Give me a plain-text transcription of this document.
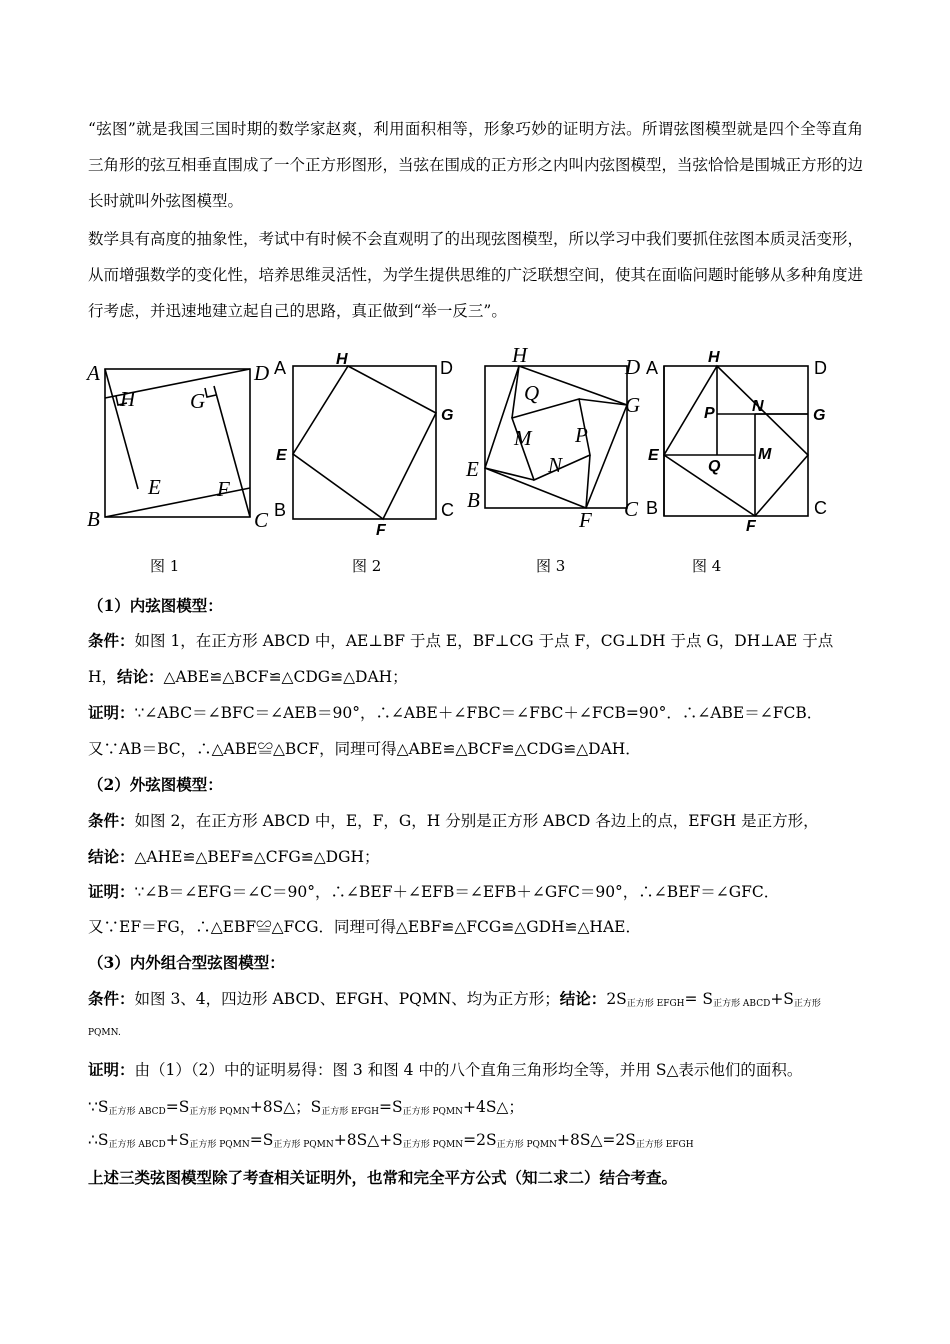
“弦图”就是我国三国时期的数学家赵爽，利用面积相等，形象巧妙的证明方法。所谓弦图模型就是四个全等直角三角形的弦互相垂直围成了一个正方形图形，当弦在围成的正方形之内叫内弦图模型，当弦恰恰是围城正方形的边长时就叫外弦图模型。

数学具有高度的抽象性，考试中有时候不会直观明了的出现弦图模型，所以学习中我们要抓住弦图本质灵活变形，从而增强数学的变化性，培养思维灵活性，为学生提供思维的广泛联想空间，使其在面临问题时能够从多种角度进行考虑，并迅速地建立起自己的思路，真正做到“举一反三”。

A	D
B	C
H	G
E	F
A	D
B	C
H
G
E
F
B	C
D
H
G
E
F
Q
P
M
N
A	D
B	C
H
G
E
F
P N
M
Q
图 1	图 2	图 3	图 4
（1）内弦图模型：
条件：如图 1，在正方形 ABCD 中，AE⊥BF 于点 E，BF⊥CG 于点 F，CG⊥DH 于点 G，DH⊥AE 于点
H，结论：△ABE≌△BCF≌△CDG≌△DAH；
证明：∵∠ABC＝∠BFC＝∠AEB＝90°，∴∠ABE＋∠FBC＝∠FBC＋∠FCB=90°．∴∠ABE＝∠FCB．
又∵AB＝BC，∴△ABE≌△BCF，同理可得△ABE≌△BCF≌△CDG≌△DAH．
（2）外弦图模型：
条件：如图 2，在正方形 ABCD 中，E，F，G，H 分别是正方形 ABCD 各边上的点，EFGH 是正方形，
结论：△AHE≌△BEF≌△CFG≌△DGH；
证明：∵∠B＝∠EFG＝∠C＝90°，∴∠BEF＋∠EFB＝∠EFB＋∠GFC＝90°，∴∠BEF＝∠GFC．
又∵EF＝FG，∴△EBF≌△FCG．同理可得△EBF≌△FCG≌△GDH≌△HAE．
（3）内外组合型弦图模型：
条件：如图 3、4，四边形 ABCD、EFGH、PQMN、均为正方形；结论：$2S_{正方形 EFGH}= S_{正方形 ABCD}+S_{正方形}$
PQMN.
证明：由（1）（2）中的证明易得：图 3 和图 4 中的八个直角三角形均全等，并用 S△表示他们的面积。
$\because S_{正方形 ABCD}=S_{正方形 PQMN}+8S\triangle$；$S_{正方形 EFGH}=S_{正方形 PQMN}+4S\triangle$；
$\therefore S_{正方形 ABCD}+S_{正方形 PQMN}=S_{正方形 PQMN}+8S\triangle+S_{正方形 PQMN}=2S_{正方形 PQMN}+8S\triangle=2S_{正方形 EFGH}$
上述三类弦图模型除了考查相关证明外，也常和完全平方公式（知二求二）结合考查。
